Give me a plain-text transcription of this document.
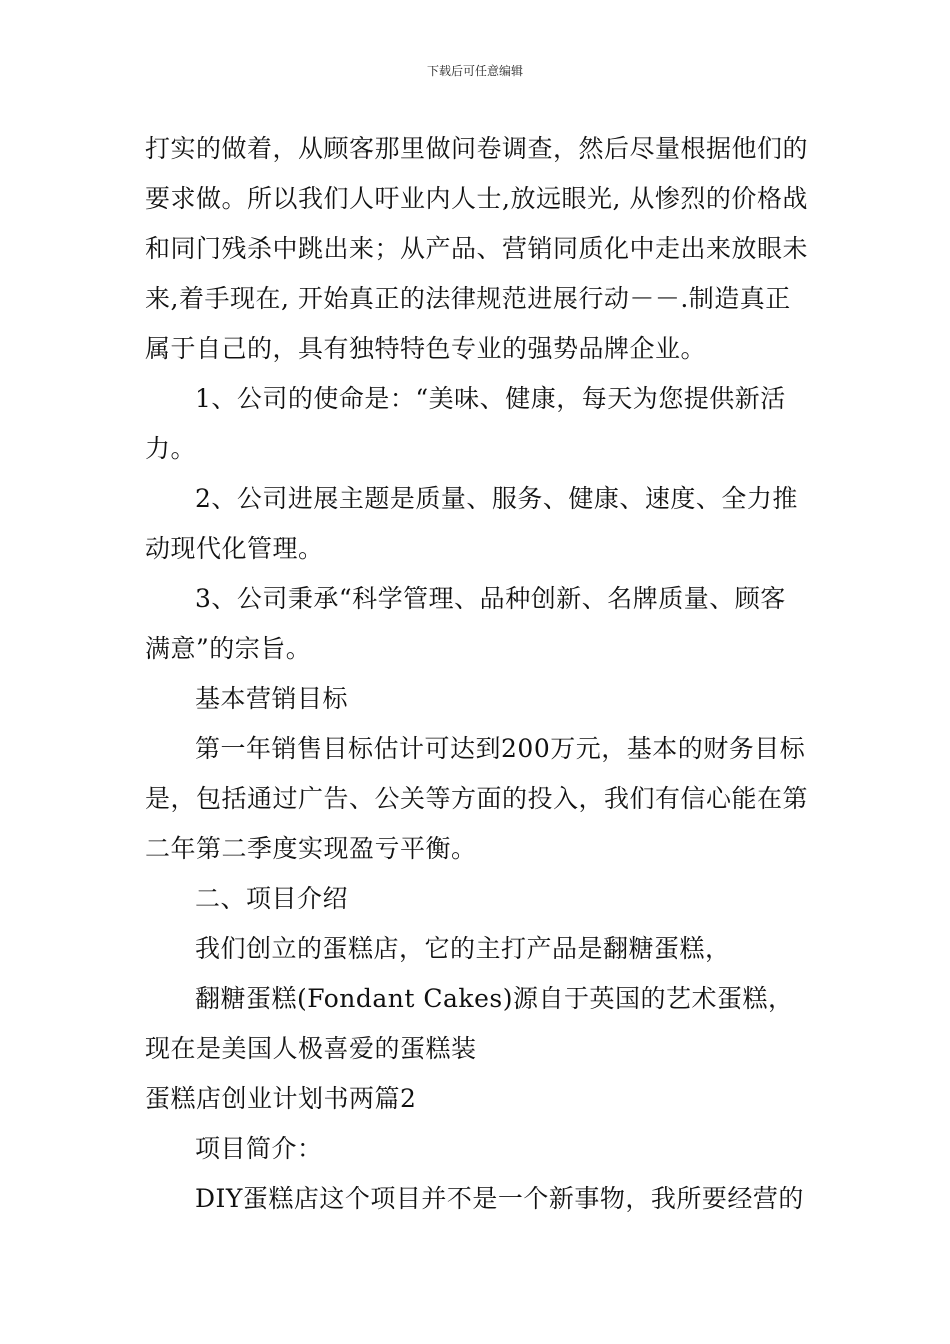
下载后可任意编辑

打实的做着，从顾客那里做问卷调查，然后尽量根据他们的要求做。所以我们人吁业内人士,放远眼光, 从惨烈的价格战和同门残杀中跳出来；从产品、营销同质化中走出来放眼未来,着手现在, 开始真正的法律规范进展行动－－.制造真正属于自己的，具有独特特色专业的强势品牌企业。

1、公司的使命是：“美味、健康，每天为您提供新活力。

2、公司进展主题是质量、服务、健康、速度、全力推动现代化管理。

3、公司秉承“科学管理、品种创新、名牌质量、顾客满意”的宗旨。

基本营销目标

第一年销售目标估计可达到200万元，基本的财务目标是，包括通过广告、公关等方面的投入，我们有信心能在第二年第二季度实现盈亏平衡。

二、项目介绍

我们创立的蛋糕店，它的主打产品是翻糖蛋糕，

翻糖蛋糕(Fondant Cakes)源自于英国的艺术蛋糕，现在是美国人极喜爱的蛋糕装

蛋糕店创业计划书两篇2

项目简介：

DIY蛋糕店这个项目并不是一个新事物，我所要经营的
